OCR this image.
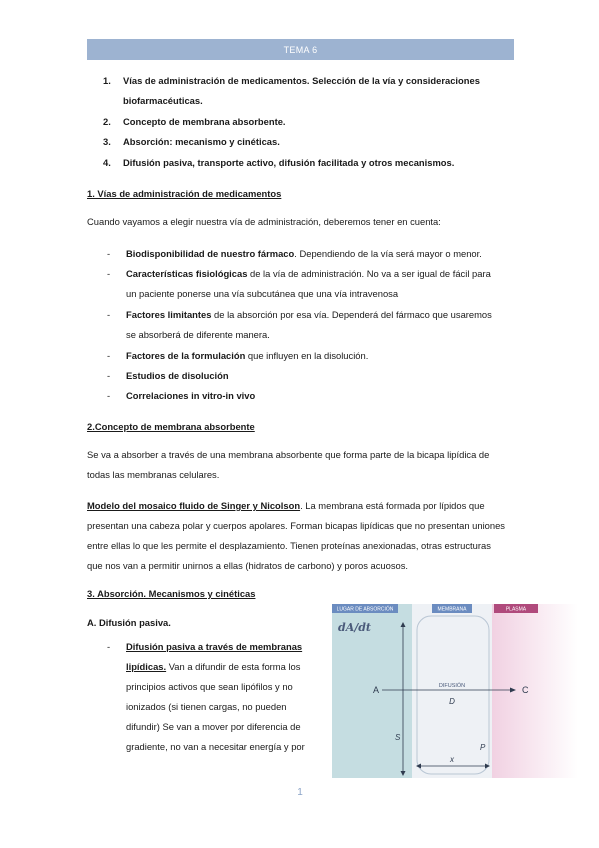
TEMA 6
1.	Vías de administración de medicamentos. Selección de la vía y consideraciones
biofarmacéuticas.
2.	Concepto de membrana absorbente.
3.	Absorción: mecanismo y cinéticas.
4.	Difusión pasiva, transporte activo, difusión facilitada y otros mecanismos.
1. Vías de administración de medicamentos
Cuando vayamos a elegir nuestra vía de administración, deberemos tener en cuenta:
- Biodisponibilidad de nuestro fármaco. Dependiendo de la vía será mayor o menor.
- Características fisiológicas de la vía de administración. No va a ser igual de fácil para
un paciente ponerse una vía subcutánea que una vía intravenosa
- Factores limitantes de la absorción por esa vía. Dependerá del fármaco que usaremos
se absorberá de diferente manera.
- Factores de la formulación que influyen en la disolución.
- Estudios de disolución
- Correlaciones in vitro-in vivo
2.Concepto de membrana absorbente
Se va a absorber a través de una membrana absorbente que forma parte de la bicapa lipídica de
todas las membranas celulares.
Modelo del mosaico fluido de Singer y Nicolson. La membrana está formada por lípidos que
presentan una cabeza polar y cuerpos apolares. Forman bicapas lipídicas que no presentan uniones
entre ellas lo que les permite el desplazamiento. Tienen proteínas anexionadas, otras estructuras
que nos van a permitir unirnos a ellas (hidratos de carbono) y poros acuosos.
3. Absorción. Mecanismos y cinéticas
A. Difusión pasiva.
- Difusión pasiva a través de membranas
lipídicas. Van a difundir de esta forma los
principios activos que sean lipófilos y no
ionizados (si tienen cargas, no pueden
difundir) Se van a mover por diferencia de
gradiente, no van a necesitar energía y por
LUGAR DE ABSORCIÓN	MEMBRANA	PLASMA
dA/dt
S
A	C
DIFUSIÓN
D
P
x
1
